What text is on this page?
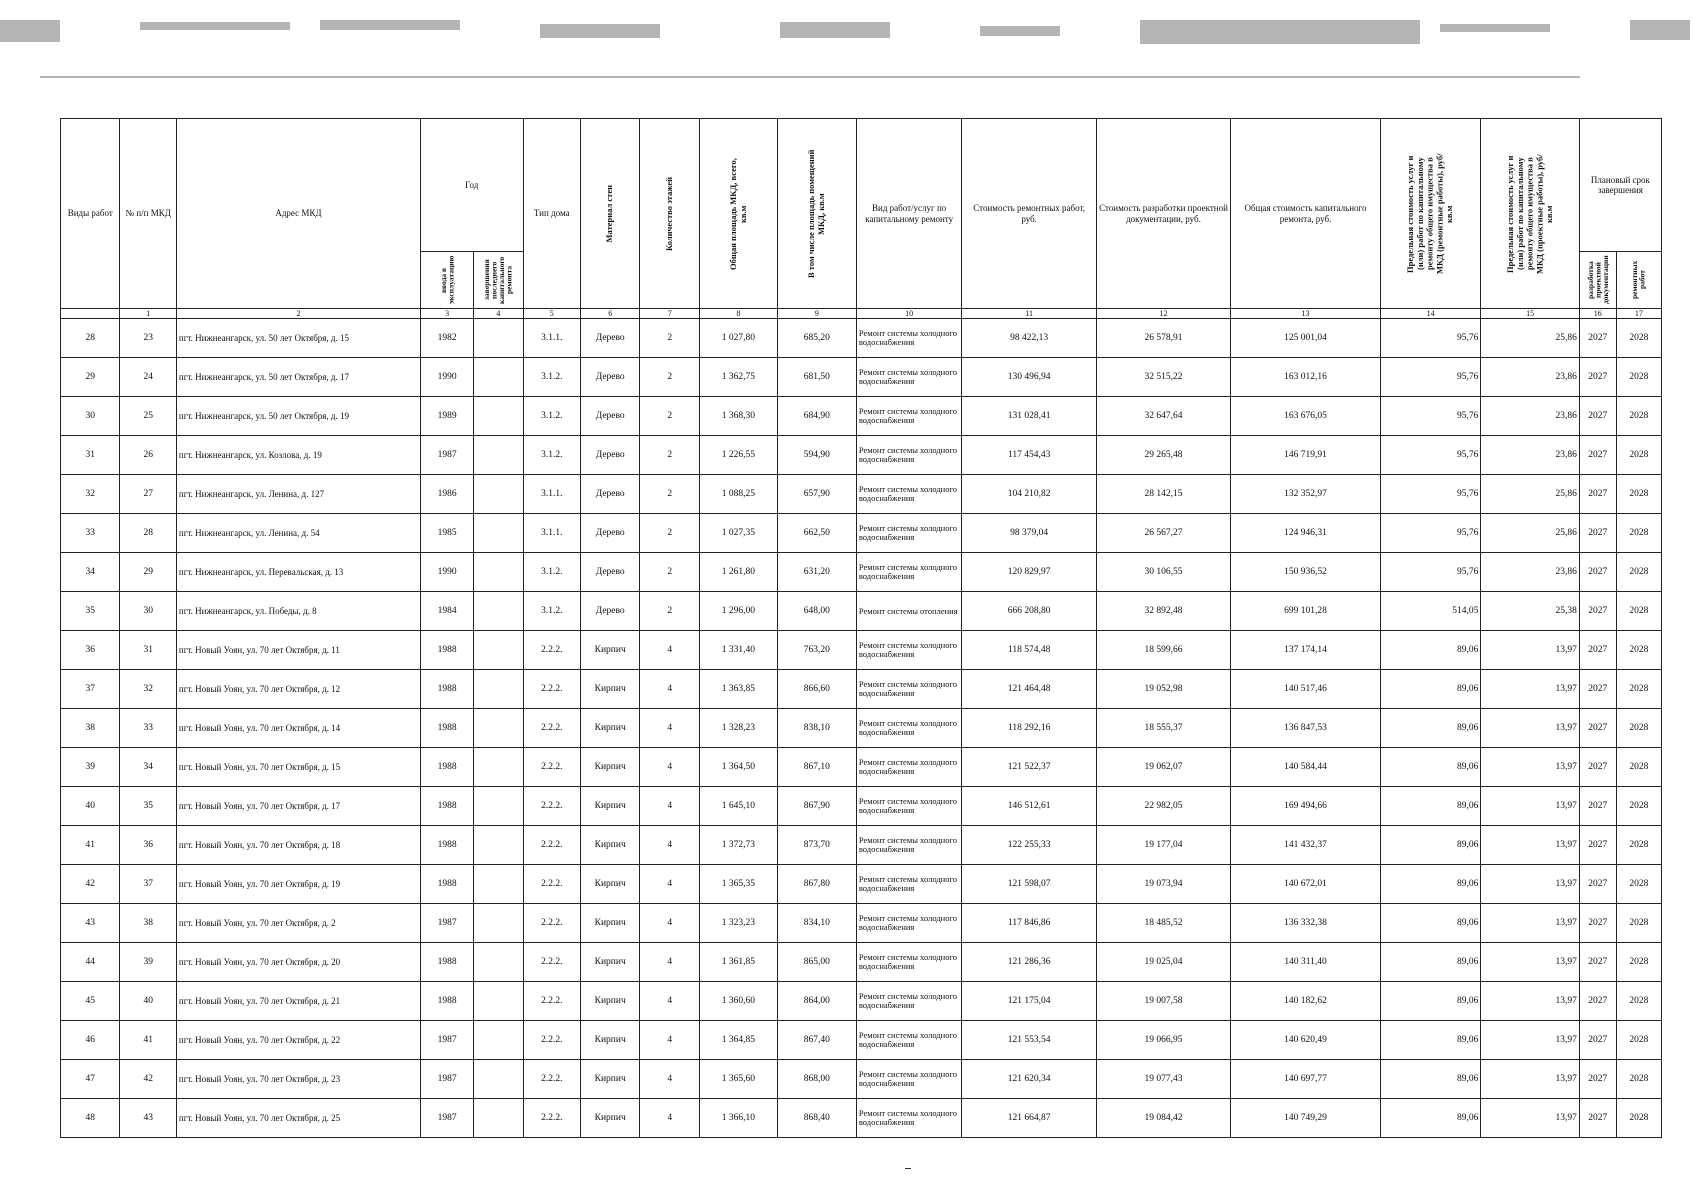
Виды работ	№ п/п МКД	Адрес МКД	Год		Тип дома	Материал стен	Количество этажей	Общая площадь МКД, всего, кв.м	В том числе площадь помещений МКД, кв.м	Вид работ/услуг по капитальному ремонту	Стоимость ремонтных работ, руб.	Стоимость разработки проектной документации, руб.	Общая стоимость капитального ремонта, руб.	Предельная стоимость услуг и (или) работ по капитальному ремонту общего имущества в МКД (ремонтные работы), руб/кв.м	Предельная стоимость услуг и (или) работ по капитальному ремонту общего имущества в МКД (проектные работы), руб/кв.м	Плановый срок завершения	

			ввода в эксплуатацию	завершения последнего капитального ремонта												разработка проектной документации	ремонтных работ

	1	2	3	4	5	6	7	8	9	10	11	12	13	14	15	16	17
28	23	пгт. Нижнеангарск, ул. 50 лет Октября, д. 15	1982		3.1.1.	Дерево	2	1 027,80	685,20	Ремонт системы холодного водоснабжения	98 422,13	26 578,91	125 001,04	95,76	25,86	2027	2028
29	24	пгт. Нижнеангарск, ул. 50 лет Октября, д. 17	1990		3.1.2.	Дерево	2	1 362,75	681,50	Ремонт системы холодного водоснабжения	130 496,94	32 515,22	163 012,16	95,76	23,86	2027	2028
30	25	пгт. Нижнеангарск, ул. 50 лет Октября, д. 19	1989		3.1.2.	Дерево	2	1 368,30	684,90	Ремонт системы холодного водоснабжения	131 028,41	32 647,64	163 676,05	95,76	23,86	2027	2028
31	26	пгт. Нижнеангарск, ул. Козлова, д. 19	1987		3.1.2.	Дерево	2	1 226,55	594,90	Ремонт системы холодного водоснабжения	117 454,43	29 265,48	146 719,91	95,76	23,86	2027	2028
32	27	пгт. Нижнеангарск, ул. Ленина, д. 127	1986		3.1.1.	Дерево	2	1 088,25	657,90	Ремонт системы холодного водоснабжения	104 210,82	28 142,15	132 352,97	95,76	25,86	2027	2028
33	28	пгт. Нижнеангарск, ул. Ленина, д. 54	1985		3.1.1.	Дерево	2	1 027,35	662,50	Ремонт системы холодного водоснабжения	98 379,04	26 567,27	124 946,31	95,76	25,86	2027	2028
34	29	пгт. Нижнеангарск, ул. Перевальская, д. 13	1990		3.1.2.	Дерево	2	1 261,80	631,20	Ремонт системы холодного водоснабжения	120 829,97	30 106,55	150 936,52	95,76	23,86	2027	2028
35	30	пгт. Нижнеангарск, ул. Победы, д. 8	1984		3.1.2.	Дерево	2	1 296,00	648,00	Ремонт системы отопления	666 208,80	32 892,48	699 101,28	514,05	25,38	2027	2028
36	31	пгт. Новый Уоян, ул. 70 лет Октября, д. 11	1988		2.2.2.	Кирпич	4	1 331,40	763,20	Ремонт системы холодного водоснабжения	118 574,48	18 599,66	137 174,14	89,06	13,97	2027	2028
37	32	пгт. Новый Уоян, ул. 70 лет Октября, д. 12	1988		2.2.2.	Кирпич	4	1 363,85	866,60	Ремонт системы холодного водоснабжения	121 464,48	19 052,98	140 517,46	89,06	13,97	2027	2028
38	33	пгт. Новый Уоян, ул. 70 лет Октября, д. 14	1988		2.2.2.	Кирпич	4	1 328,23	838,10	Ремонт системы холодного водоснабжения	118 292,16	18 555,37	136 847,53	89,06	13,97	2027	2028
39	34	пгт. Новый Уоян, ул. 70 лет Октября, д. 15	1988		2.2.2.	Кирпич	4	1 364,50	867,10	Ремонт системы холодного водоснабжения	121 522,37	19 062,07	140 584,44	89,06	13,97	2027	2028
40	35	пгт. Новый Уоян, ул. 70 лет Октября, д. 17	1988		2.2.2.	Кирпич	4	1 645,10	867,90	Ремонт системы холодного водоснабжения	146 512,61	22 982,05	169 494,66	89,06	13,97	2027	2028
41	36	пгт. Новый Уоян, ул. 70 лет Октября, д. 18	1988		2.2.2.	Кирпич	4	1 372,73	873,70	Ремонт системы холодного водоснабжения	122 255,33	19 177,04	141 432,37	89,06	13,97	2027	2028
42	37	пгт. Новый Уоян, ул. 70 лет Октября, д. 19	1988		2.2.2.	Кирпич	4	1 365,35	867,80	Ремонт системы холодного водоснабжения	121 598,07	19 073,94	140 672,01	89,06	13,97	2027	2028
43	38	пгт. Новый Уоян, ул. 70 лет Октября, д. 2	1987		2.2.2.	Кирпич	4	1 323,23	834,10	Ремонт системы холодного водоснабжения	117 846,86	18 485,52	136 332,38	89,06	13,97	2027	2028
44	39	пгт. Новый Уоян, ул. 70 лет Октября, д. 20	1988		2.2.2.	Кирпич	4	1 361,85	865,00	Ремонт системы холодного водоснабжения	121 286,36	19 025,04	140 311,40	89,06	13,97	2027	2028
45	40	пгт. Новый Уоян, ул. 70 лет Октября, д. 21	1988		2.2.2.	Кирпич	4	1 360,60	864,00	Ремонт системы холодного водоснабжения	121 175,04	19 007,58	140 182,62	89,06	13,97	2027	2028
46	41	пгт. Новый Уоян, ул. 70 лет Октября, д. 22	1987		2.2.2.	Кирпич	4	1 364,85	867,40	Ремонт системы холодного водоснабжения	121 553,54	19 066,95	140 620,49	89,06	13,97	2027	2028
47	42	пгт. Новый Уоян, ул. 70 лет Октября, д. 23	1987		2.2.2.	Кирпич	4	1 365,60	868,00	Ремонт системы холодного водоснабжения	121 620,34	19 077,43	140 697,77	89,06	13,97	2027	2028
48	43	пгт. Новый Уоян, ул. 70 лет Октября, д. 25	1987		2.2.2.	Кирпич	4	1 366,10	868,40	Ремонт системы холодного водоснабжения	121 664,87	19 084,42	140 749,29	89,06	13,97	2027	2028
